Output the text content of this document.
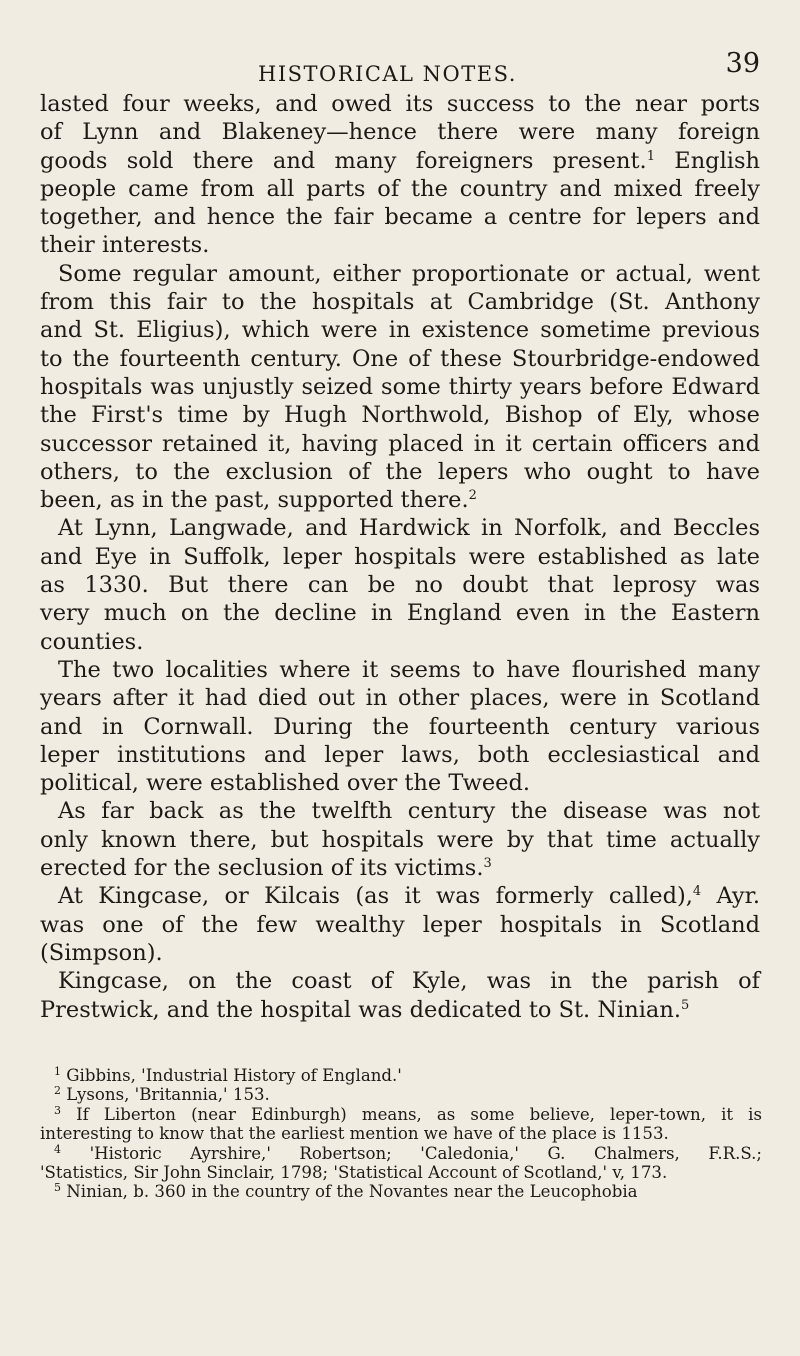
HISTORICAL NOTES.	39
lasted four weeks, and owed its success to the near ports
of Lynn and Blakeney—hence there were many foreign
goods sold there and many foreigners present.$^1$ English
people came from all parts of the country and mixed freely
together, and hence the fair became a centre for lepers and
their interests.
Some regular amount, either proportionate or actual, went
from this fair to the hospitals at Cambridge (St. Anthony
and St. Eligius), which were in existence sometime previous
to the fourteenth century. One of these Stourbridge-endowed
hospitals was unjustly seized some thirty years before Edward
the First's time by Hugh Northwold, Bishop of Ely, whose
successor retained it, having placed in it certain officers and
others, to the exclusion of the lepers who ought to have
been, as in the past, supported there.$^2$
At Lynn, Langwade, and Hardwick in Norfolk, and Beccles
and Eye in Suffolk, leper hospitals were established as late
as 1330. But there can be no doubt that leprosy was
very much on the decline in England even in the Eastern
counties.
The two localities where it seems to have flourished many
years after it had died out in other places, were in Scotland
and in Cornwall. During the fourteenth century various
leper institutions and leper laws, both ecclesiastical and
political, were established over the Tweed.
As far back as the twelfth century the disease was not
only known there, but hospitals were by that time actually
erected for the seclusion of its victims.$^3$
At Kingcase, or Kilcais (as it was formerly called),$^4$ Ayr.
was one of the few wealthy leper hospitals in Scotland
(Simpson).
Kingcase, on the coast of Kyle, was in the parish of
Prestwick, and the hospital was dedicated to St. Ninian.$^5$
$^1$ Gibbins, 'Industrial History of England.'
$^2$ Lysons, 'Britannia,' 153.
$^3$ If Liberton (near Edinburgh) means, as some believe, leper-town, it is
interesting to know that the earliest mention we have of the place is 1153.
$^4$ 'Historic Ayrshire,' Robertson; 'Caledonia,' G. Chalmers, F.R.S.;
'Statistics, Sir John Sinclair, 1798; 'Statistical Account of Scotland,' v, 173.
$^5$ Ninian, b. 360 in the country of the Novantes near the Leucophobia
